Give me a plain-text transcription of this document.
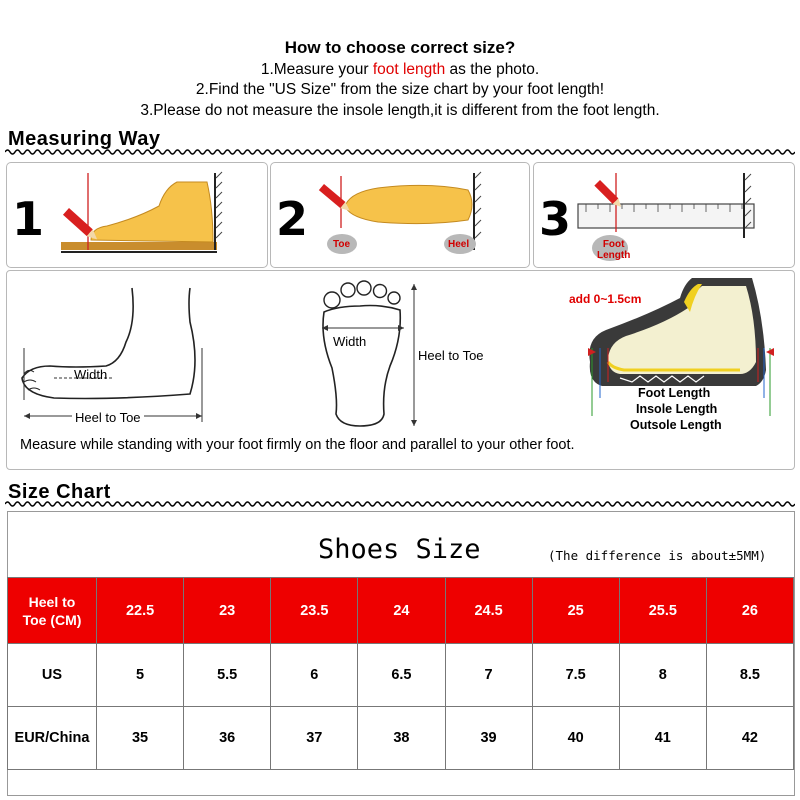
How to choose correct size?
1.Measure your foot length as the photo.
2.Find the "US Size" from the size chart by your foot length!
3.Please do not measure the insole length,it is different from the foot length.
Measuring Way
1	2	3
Toe	Heel	Foot
Length
Width
Heel to Toe
Width
Heel to Toe
add 0~1.5cm
Foot Length
Insole Length
Outsole Length
Measure while standing with your foot firmly on the floor and parallel to your other foot.
Size Chart
Shoes Size	(The difference is about±5MM)
Heel to
Toe (CM)	22.5	23	23.5	24	24.5	25	25.5	26
US	5	5.5	6	6.5	7	7.5	8	8.5
EUR/China	35	36	37	38	39	40	41	42
